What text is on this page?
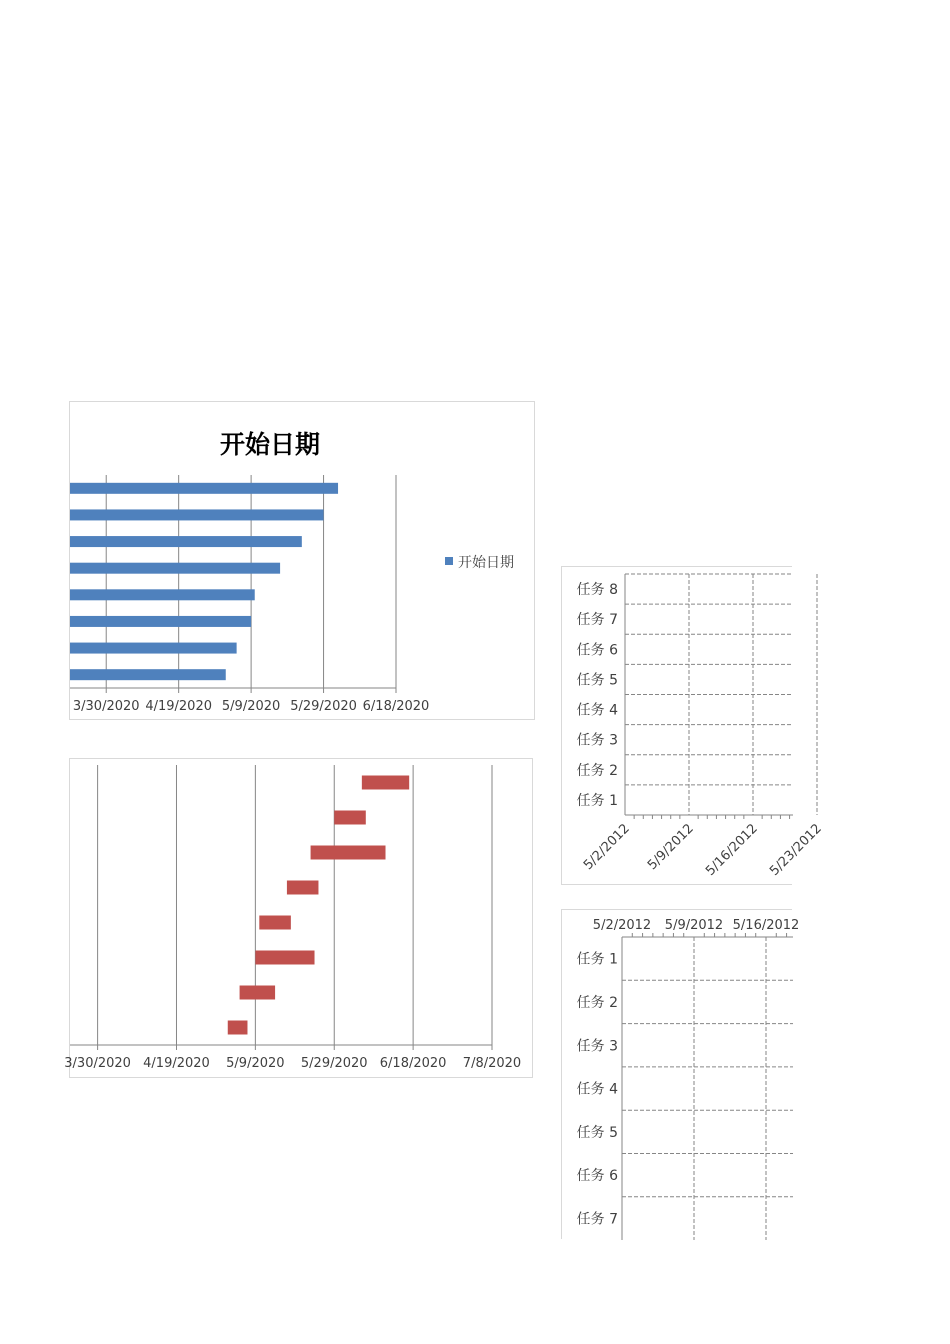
开始日期
3/30/2020 4/19/2020 5/9/2020 5/29/2020 6/18/2020
开始日期
3/30/2020 4/19/2020 5/9/2020 5/29/2020 6/18/2020 7/8/2020
任务 8
任务 7
任务 6
任务 5
任务 4
任务 3
任务 2
任务 1
5/2/2012 5/9/2012 5/16/2012 5/23/2012
任务 1
任务 2
任务 3
任务 4
任务 5
任务 6
任务 7
5/2/2012 5/9/2012 5/16/2012
